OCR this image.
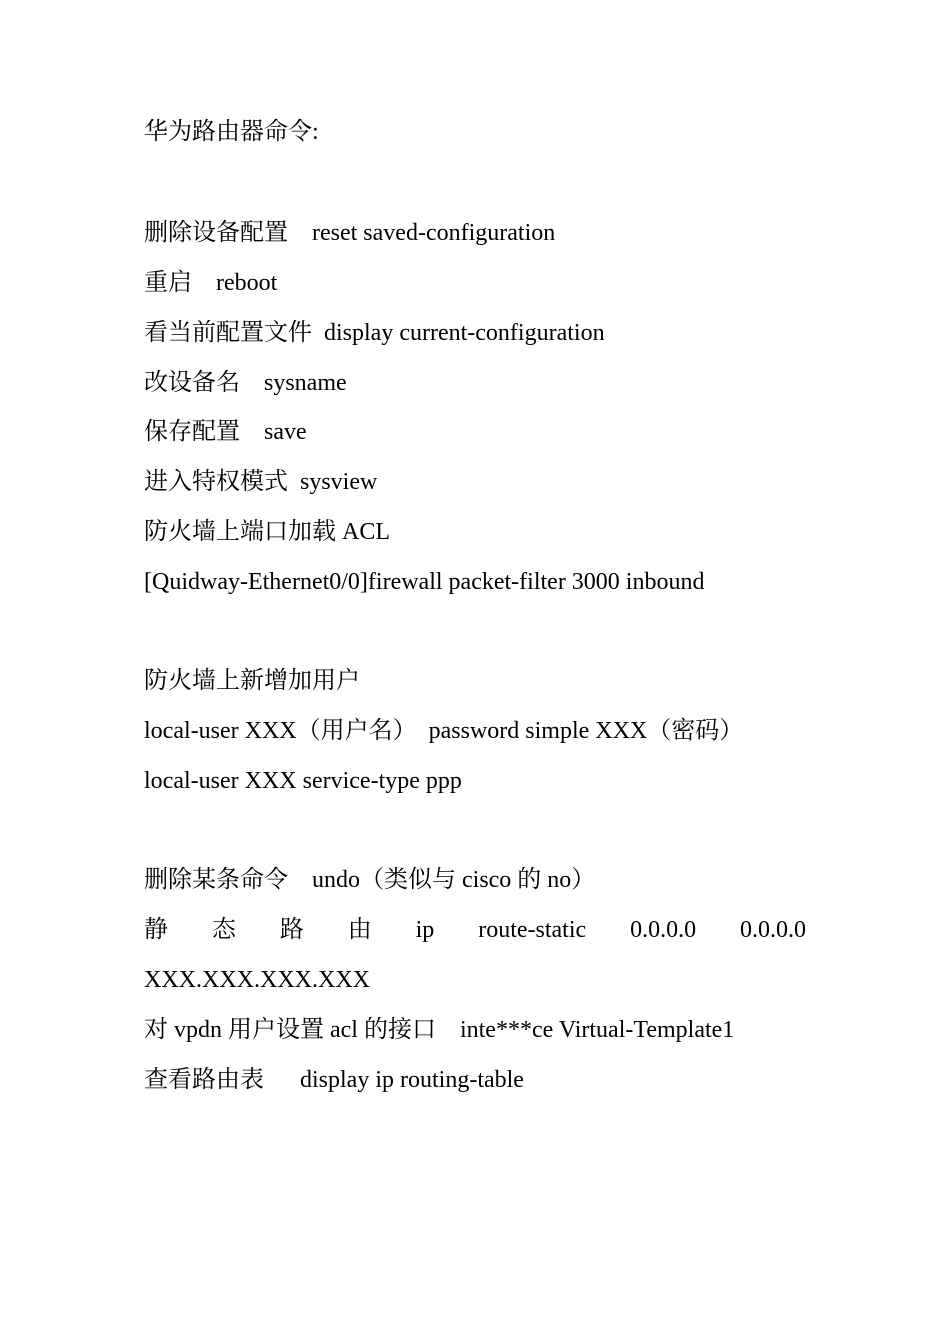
华为路由器命令:
删除设备配置    reset saved-configuration
重启    reboot
看当前配置文件  display current-configuration
改设备名    sysname
保存配置    save
进入特权模式  sysview
防火墙上端口加载 ACL
[Quidway-Ethernet0/0]firewall packet-filter 3000 inbound
防火墙上新增加用户
local-user XXX（用户名）  password simple XXX（密码）
local-user XXX service-type ppp
删除某条命令    undo（类似与 cisco 的 no）
静 态 路 由 ip route-static 0.0.0.0 0.0.0.0
XXX.XXX.XXX.XXX
对 vpdn 用户设置 acl 的接口    inte***ce Virtual-Template1
查看路由表      display ip routing-table
